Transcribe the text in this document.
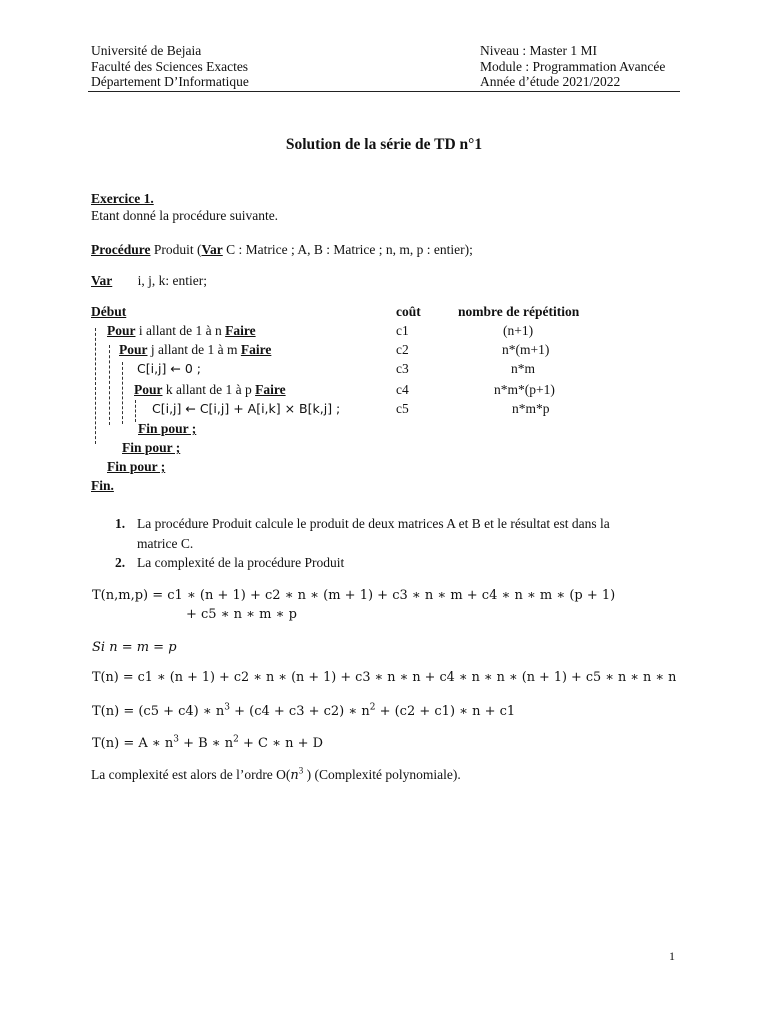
Université de Bejaia
Faculté des Sciences Exactes
Département D’Informatique
Niveau : Master 1 MI
Module : Programmation Avancée
Année d’étude 2021/2022
Solution de la série de TD n°1
Exercice 1.
Etant donné la procédure suivante.
Procédure Produit (Var C : Matrice ; A, B : Matrice ; n, m, p : entier);
Var i, j, k: entier;
Début	coût	nombre de répétition
Pour i allant de 1 à n Faire	c1	(n+1)
Pour j allant de 1 à m Faire	c2	n*(m+1)
C[i,j] ← 0 ;	c3	n*m
Pour k allant de 1 à p Faire	c4	n*m*(p+1)
C[i,j] ← C[i,j] + A[i,k] × B[k,j] ;	c5	n*m*p
Fin pour ;
Fin pour ;
Fin pour ;
Fin.
1. La procédure Produit calcule le produit de deux matrices A et B et le résultat est dans la
matrice C.
2. La complexité de la procédure Produit
T(n,m,p) = c1 ∗ (n + 1) + c2 ∗ n ∗ (m + 1) + c3 ∗ n ∗ m + c4 ∗ n ∗ m ∗ (p + 1)
+ c5 ∗ n ∗ m ∗ p
Si n = m = p
T(n) = c1 ∗ (n + 1) + c2 ∗ n ∗ (n + 1) + c3 ∗ n ∗ n + c4 ∗ n ∗ n ∗ (n + 1) + c5 ∗ n ∗ n ∗ n
T(n) = (c5 + c4) ∗ $n^3 + (c4 + c3 + c2)$ ∗ $n^2 + (c2 + c1)$ ∗ n + c1
T(n) = A ∗ $n^3 + B$ ∗ $n^2 + C$ ∗ n + D
La complexité est alors de l’ordre $O(n^3$ ) (Complexité polynomiale).
1
